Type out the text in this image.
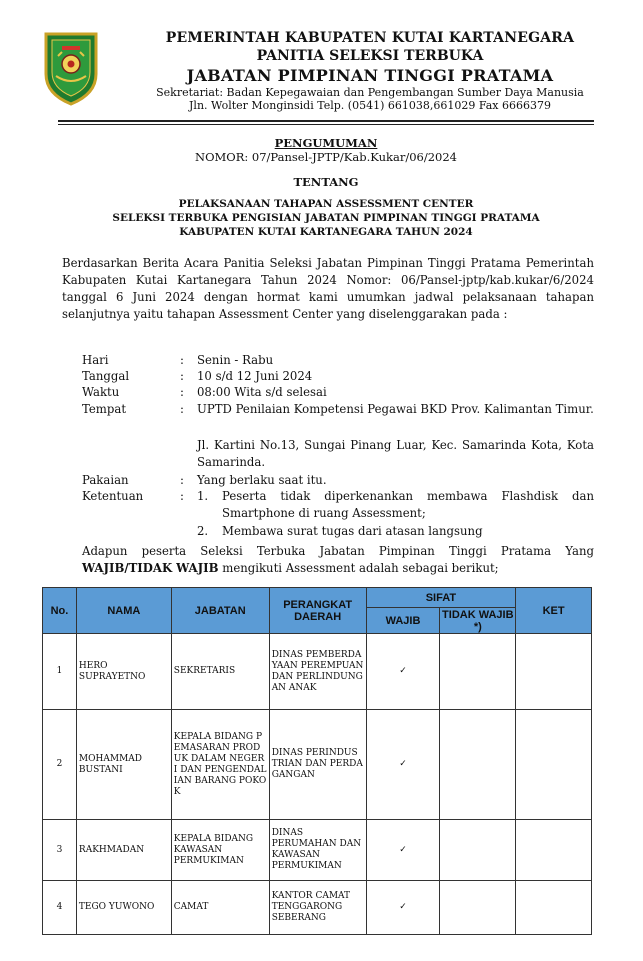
PEMERINTAH KABUPATEN KUTAI KARTANEGARA
PANITIA SELEKSI TERBUKA
JABATAN PIMPINAN TINGGI PRATAMA
Sekretariat: Badan Kepegawaian dan Pengembangan Sumber Daya Manusia
Jln. Wolter Monginsidi Telp. (0541) 661038,661029 Fax 6666379
PENGUMUMAN
NOMOR: 07/Pansel-JPTP/Kab.Kukar/06/2024
TENTANG
PELAKSANAAN TAHAPAN ASSESSMENT CENTER
SELEKSI TERBUKA PENGISIAN JABATAN PIMPINAN TINGGI PRATAMA
KABUPATEN KUTAI KARTANEGARA TAHUN 2024
Berdasarkan Berita Acara Panitia Seleksi Jabatan Pimpinan Tinggi Pratama Pemerintah Kabupaten Kutai Kartanegara Tahun 2024 Nomor: 06/Pansel-jptp/kab.kukar/6/2024 tanggal 6 Juni 2024 dengan hormat kami umumkan jadwal pelaksanaan tahapan selanjutnya yaitu tahapan Assessment Center yang diselenggarakan pada :
Hari	: Senin - Rabu
Tanggal	: 10 s/d 12 Juni 2024
Waktu	: 08:00 Wita s/d selesai
Tempat	: UPTD Penilaian Kompetensi Pegawai BKD Prov. Kalimantan Timur.
Jl. Kartini No.13, Sungai Pinang Luar, Kec. Samarinda Kota, Kota Samarinda.
Pakaian	: Yang berlaku saat itu.
Ketentuan	: 1. Peserta tidak diperkenankan membawa Flashdisk dan Smartphone di ruang Assessment;
2. Membawa surat tugas dari atasan langsung
Adapun peserta Seleksi Terbuka Jabatan Pimpinan Tinggi Pratama Yang WAJIB/TIDAK WAJIB mengikuti Assessment adalah sebagai berikut;
No.	NAMA	JABATAN	PERANGKAT DAERAH	SIFAT		KET
				WAJIB	TIDAK WAJIB *)	
1	HERO SUPRAYETNO	SEKRETARIS	DINAS PEMBERDAYAAN PEREMPUAN DAN PERLINDUNGAN ANAK	✓		
2	MOHAMMAD BUSTANI	KEPALA BIDANG PEMASARAN PRODUK DALAM NEGERI DAN PENGENDALIAN BARANG POKOK	DINAS PERINDUSTRIAN DAN PERDAGANGAN	✓		
3	RAKHMADAN	KEPALA BIDANG KAWASAN PERMUKIMAN	DINAS PERUMAHAN DAN KAWASAN PERMUKIMAN	✓		
4	TEGO YUWONO	CAMAT	KANTOR CAMAT TENGGARONG SEBERANG	✓		
